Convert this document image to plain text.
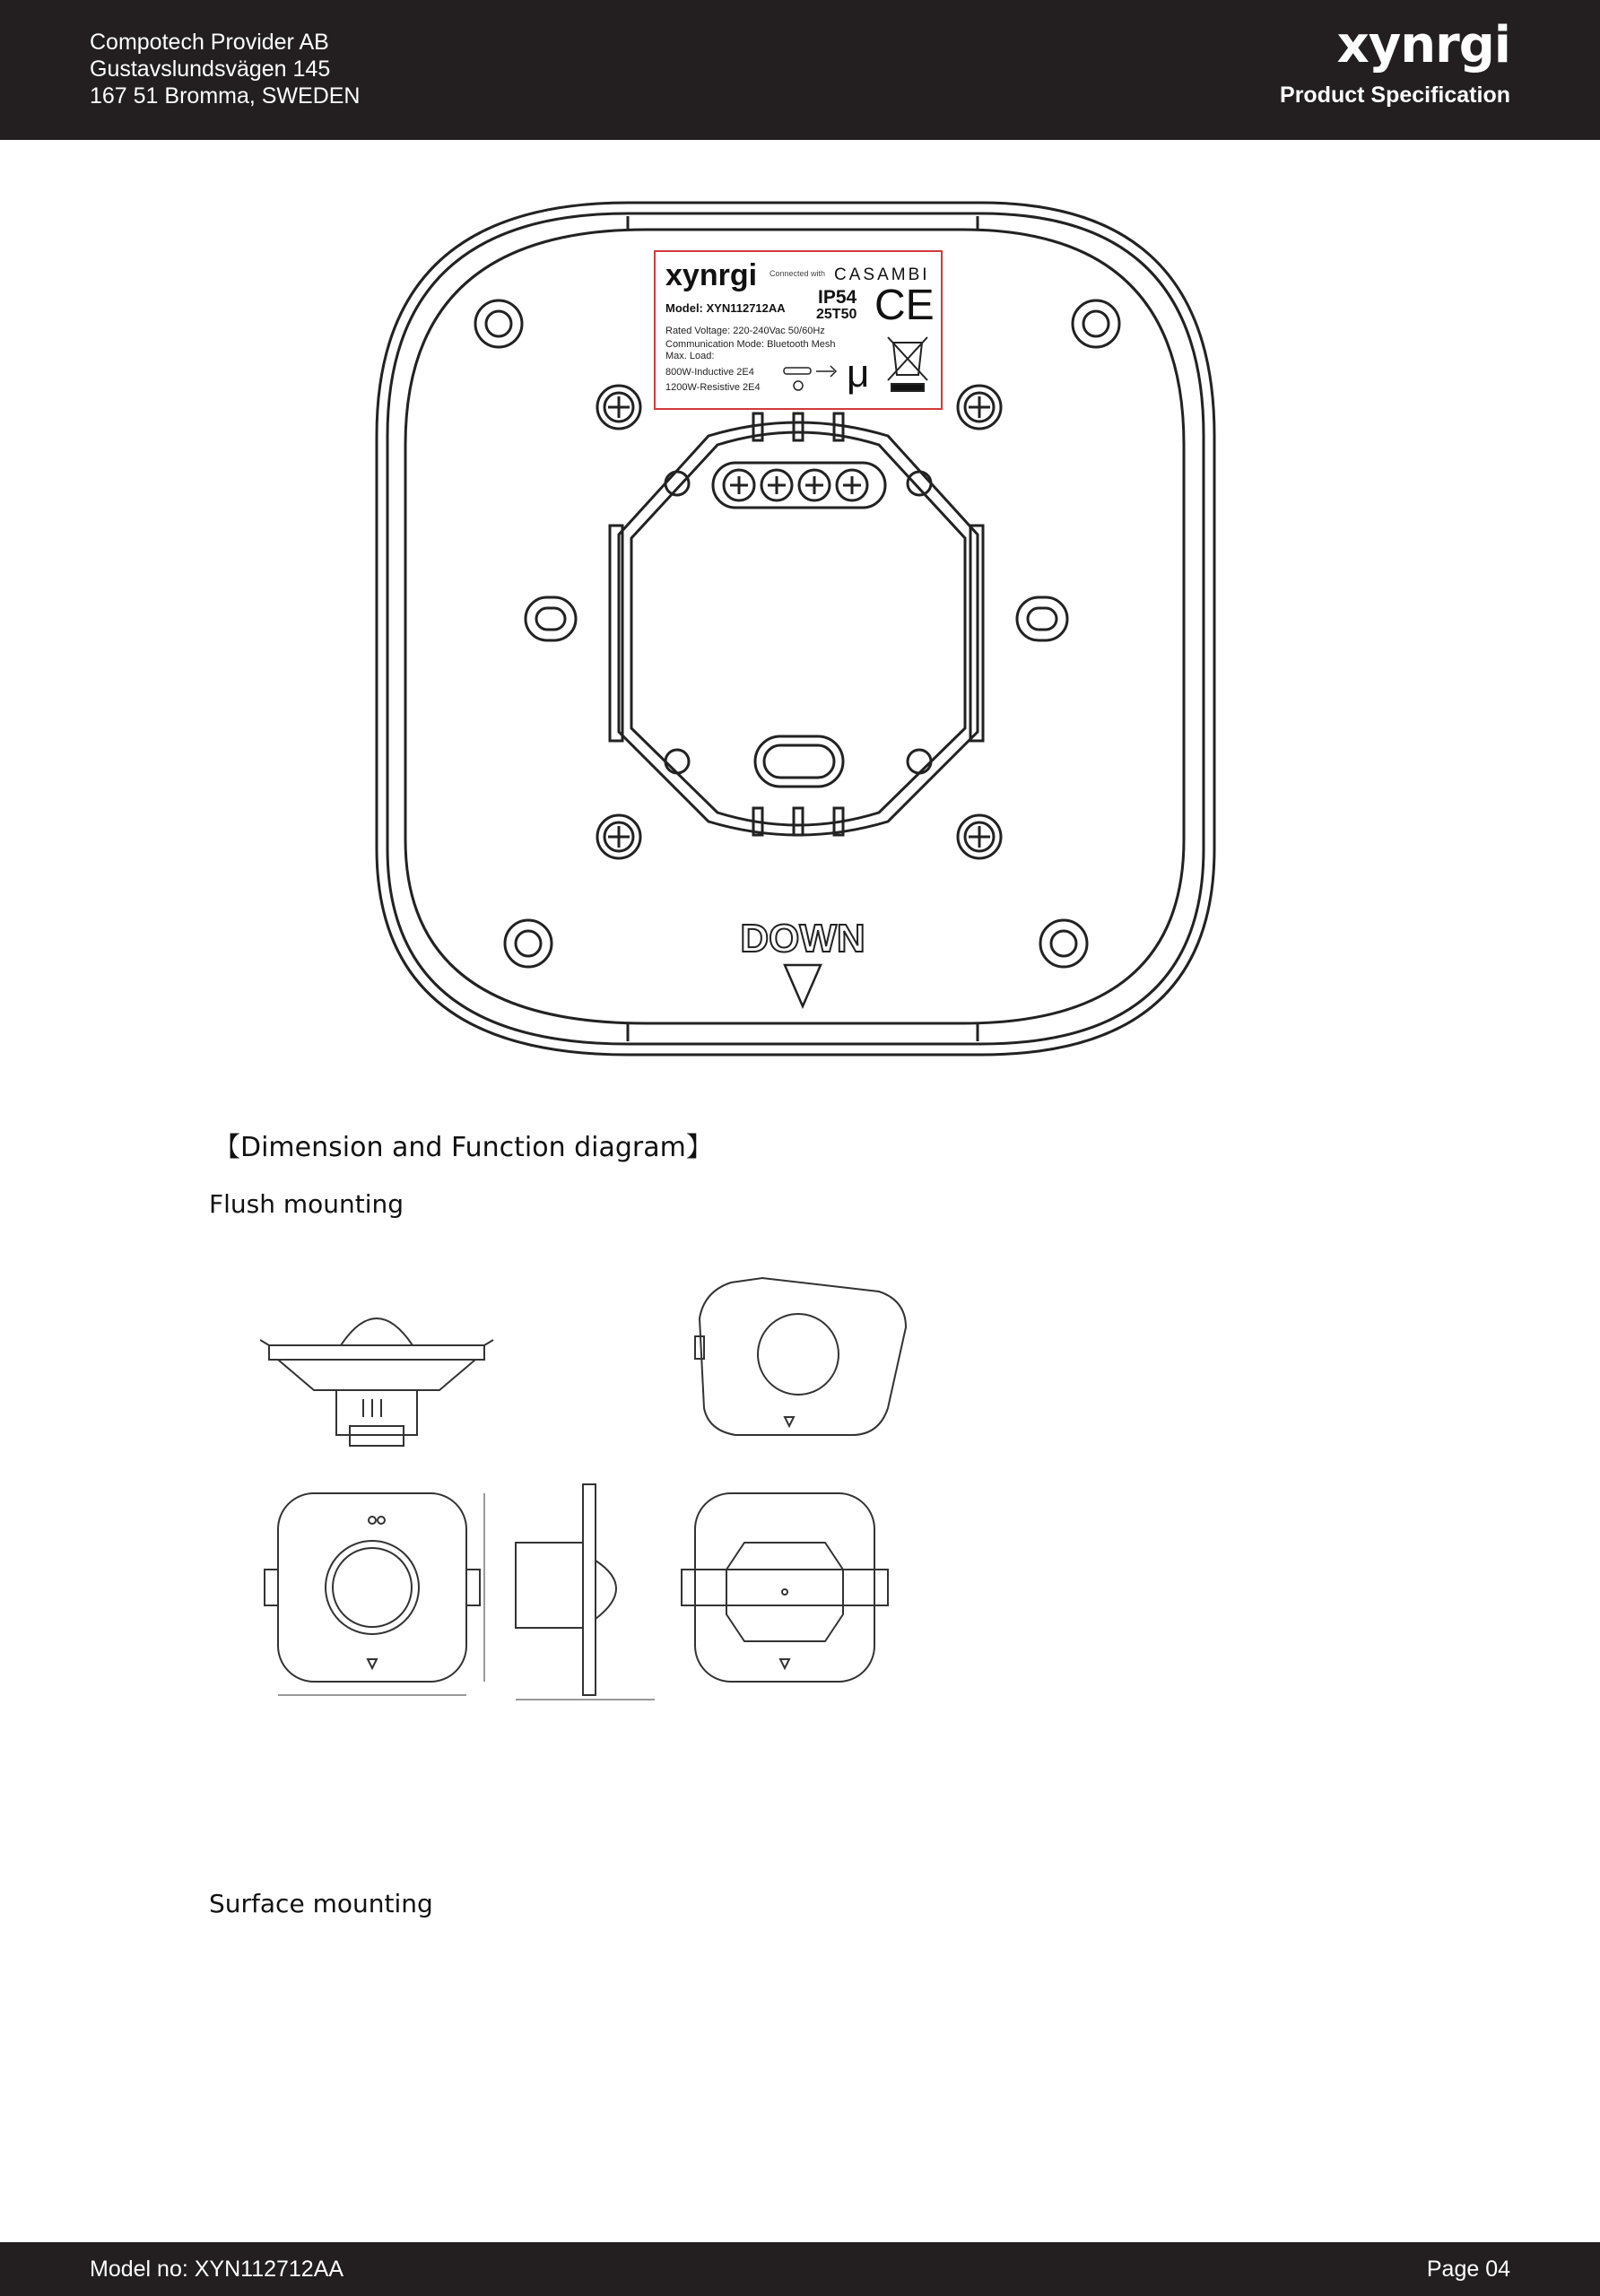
Compotech Provider AB
Gustavslundsvägen 145
167 51 Bromma, SWEDEN
xynrgi
Product Specification
DOWN
xynrgi Connected with CASAMBI
Model: XYN112712AA
IP54
25T50 CE
Rated Voltage: 220-240Vac 50/60Hz
Communication Mode: Bluetooth Mesh
Max. Load:
800W-Inductive 2E4
1200W-Resistive 2E4 μ
【Dimension and Function diagram】
Flush mounting
Surface mounting
Model no: XYN112712AA	Page 04
